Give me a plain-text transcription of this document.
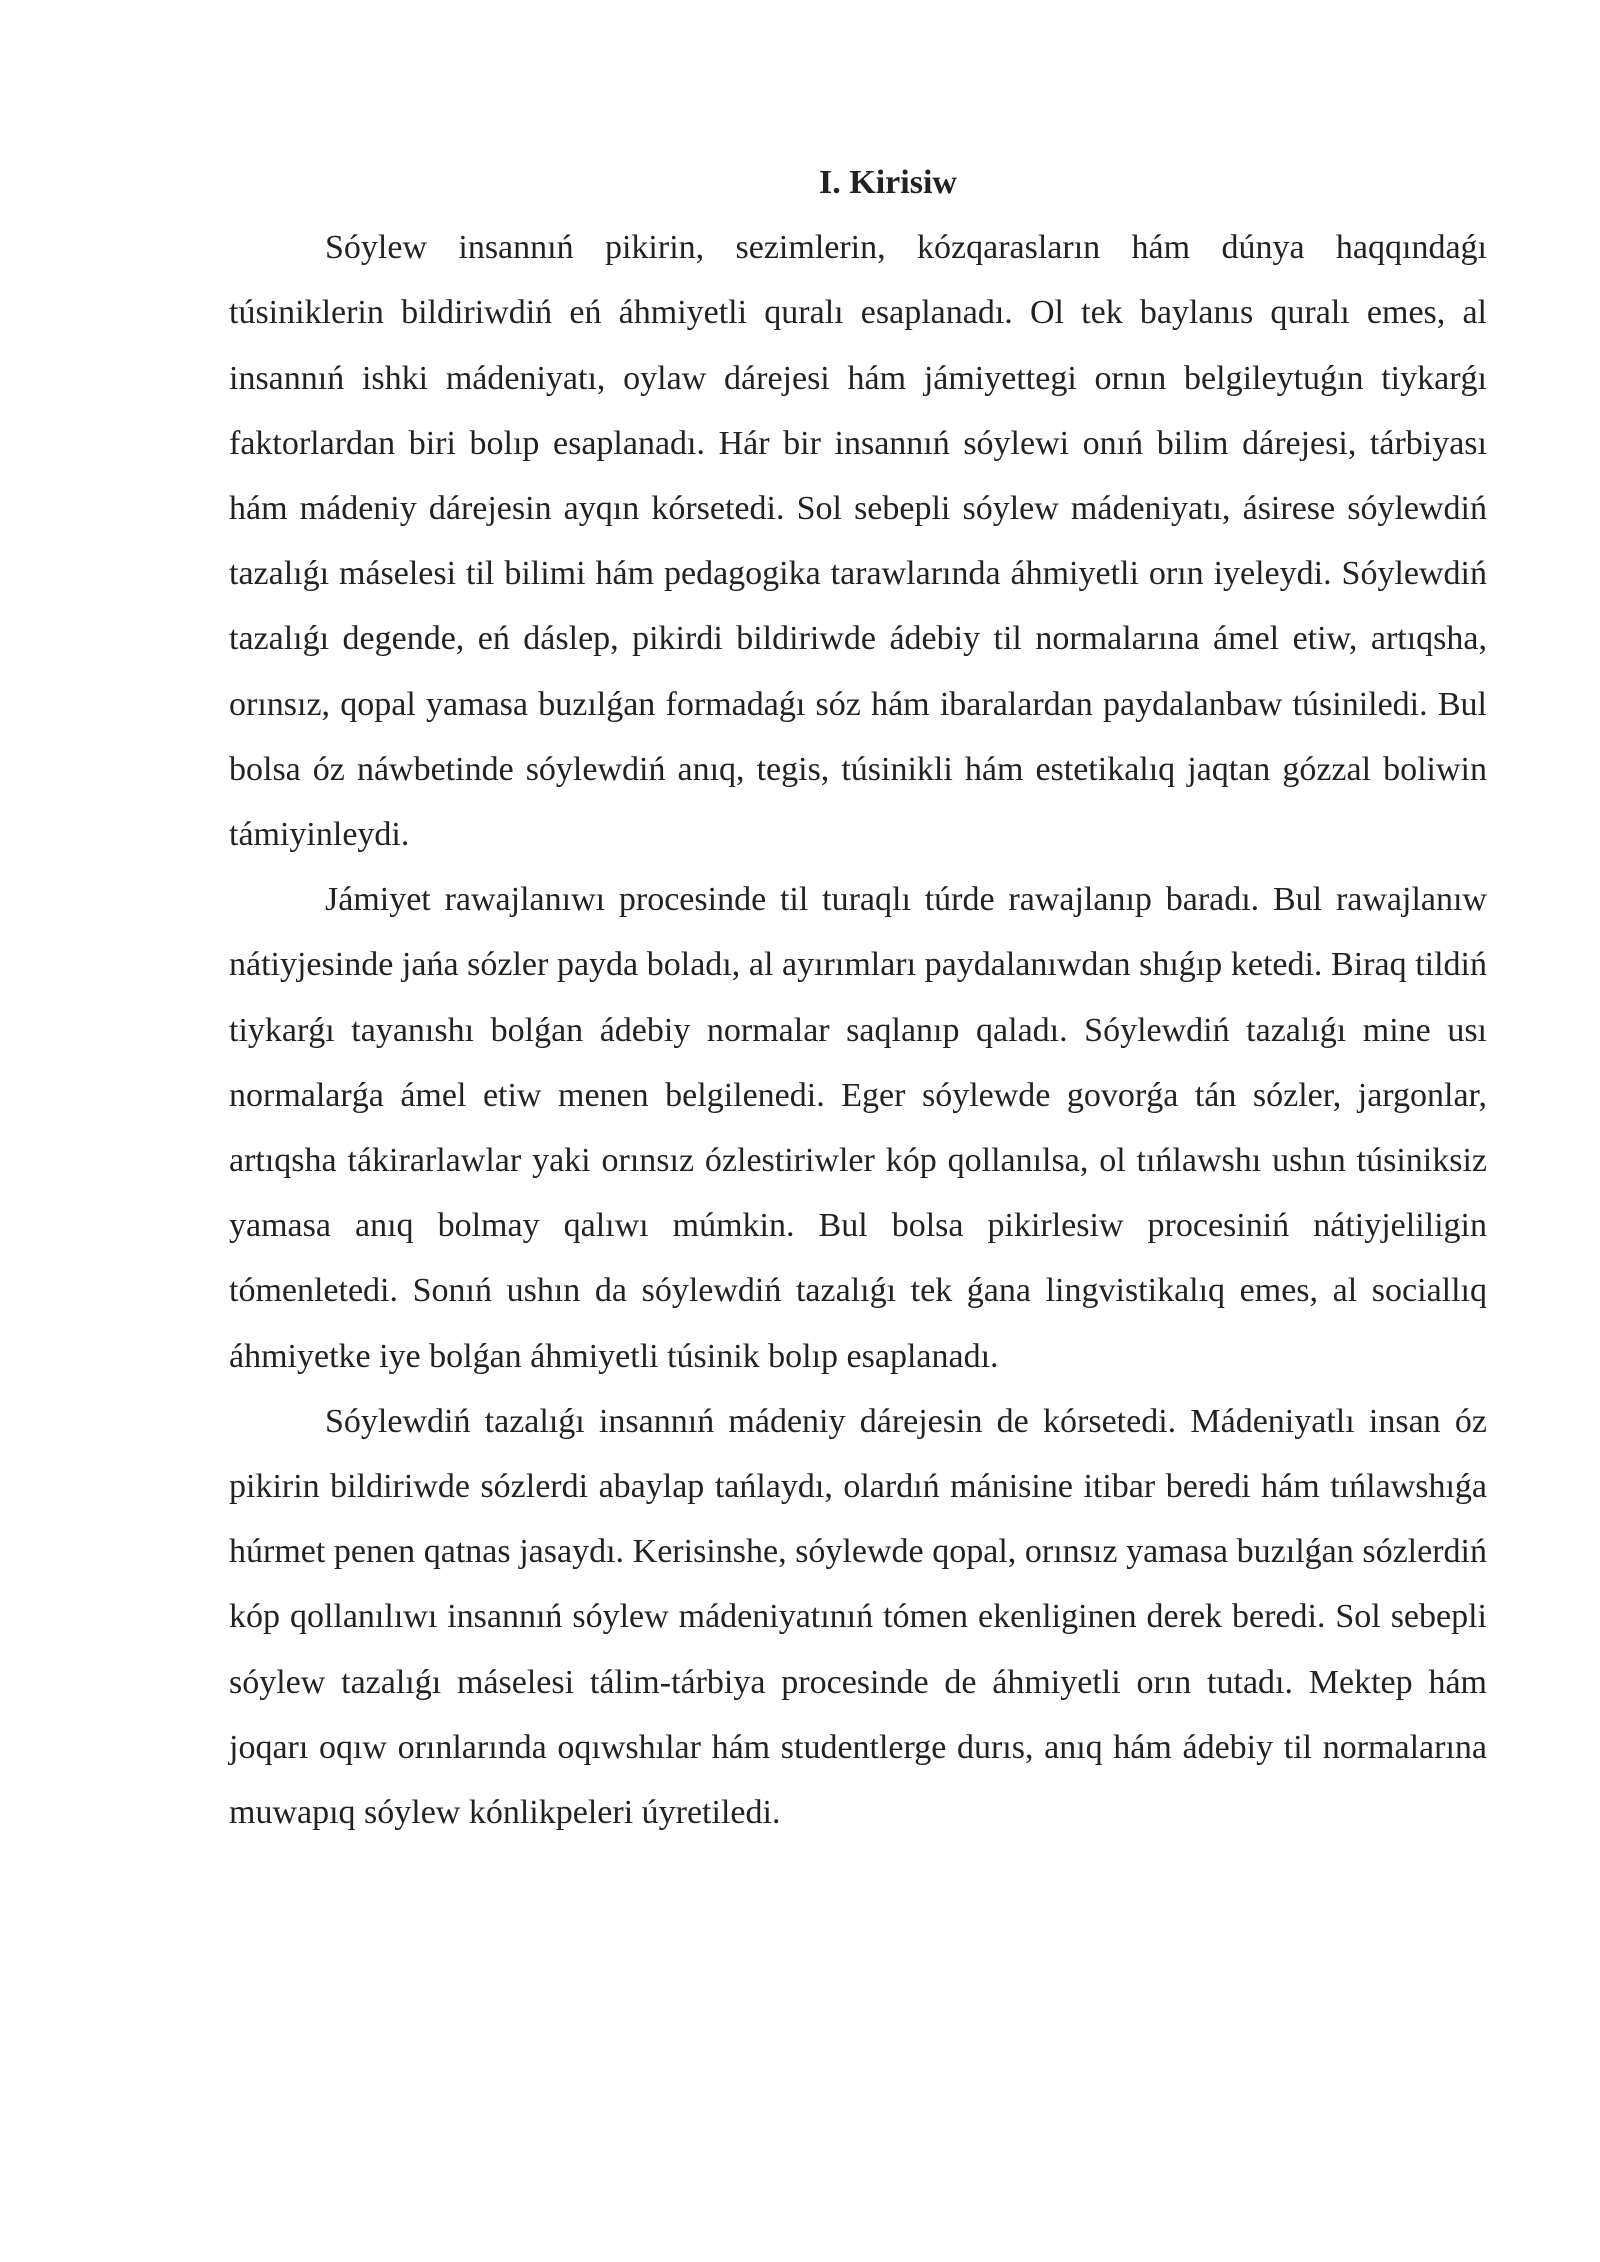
I. Kirisiw

Sóylew insannıń pikirin, sezimlerin, kózqarasların hám dúnya haqqındaǵı túsiniklerin bildiriwdiń eń áhmiyetli quralı esaplanadı. Ol tek baylanıs quralı emes, al insannıń ishki mádeniyatı, oylaw dárejesi hám jámiyettegi ornın belgileytuǵın tiykarǵı faktorlardan biri bolıp esaplanadı. Hár bir insannıń sóylewi onıń bilim dárejesi, tárbiyası hám mádeniy dárejesin ayqın kórsetedi. Sol sebepli sóylew mádeniyatı, ásirese sóylewdiń tazalıǵı máselesi til bilimi hám pedagogika tarawlarında áhmiyetli orın iyeleydi. Sóylewdiń tazalıǵı degende, eń dáslep, pikirdi bildiriwde ádebiy til normalarına ámel etiw, artıqsha, orınsız, qopal yamasa buzılǵan formadaǵı sóz hám ibaralardan paydalanbaw túsiniledi. Bul bolsa óz náwbetinde sóylewdiń anıq, tegis, túsinikli hám estetikalıq jaqtan gózzal boliwin támiyinleydi.

Jámiyet rawajlanıwı procesinde til turaqlı túrde rawajlanıp baradı. Bul rawajlanıw nátiyjesinde jańa sózler payda boladı, al ayırımları paydalanıwdan shıǵıp ketedi. Biraq tildiń tiykarǵı tayanıshı bolǵan ádebiy normalar saqlanıp qaladı. Sóylewdiń tazalıǵı mine usı normalarǵa ámel etiw menen belgilenedi. Eger sóylewde govorǵa tán sózler, jargonlar, artıqsha tákirarlawlar yaki orınsız ózlestiriwler kóp qollanılsa, ol tıńlawshı ushın túsiniksiz yamasa anıq bolmay qalıwı múmkin. Bul bolsa pikirlesiw procesiniń nátiyjeliligin tómenletedi. Sonıń ushın da sóylewdiń tazalıǵı tek ǵana lingvistikalıq emes, al sociallıq áhmiyetke iye bolǵan áhmiyetli túsinik bolıp esaplanadı.

Sóylewdiń tazalıǵı insannıń mádeniy dárejesin de kórsetedi. Mádeniyatlı insan óz pikirin bildiriwde sózlerdi abaylap tańlaydı, olardıń mánisine itibar beredi hám tıńlawshıǵa húrmet penen qatnas jasaydı. Kerisinshe, sóylewde qopal, orınsız yamasa buzılǵan sózlerdiń kóp qollanılıwı insannıń sóylew mádeniyatınıń tómen ekenliginen derek beredi. Sol sebepli sóylew tazalıǵı máselesi tálim-tárbiya procesinde de áhmiyetli orın tutadı. Mektep hám joqarı oqıw orınlarında oqıwshılar hám studentlerge durıs, anıq hám ádebiy til normalarına muwapıq sóylew kónlikpeleri úyretiledi.
